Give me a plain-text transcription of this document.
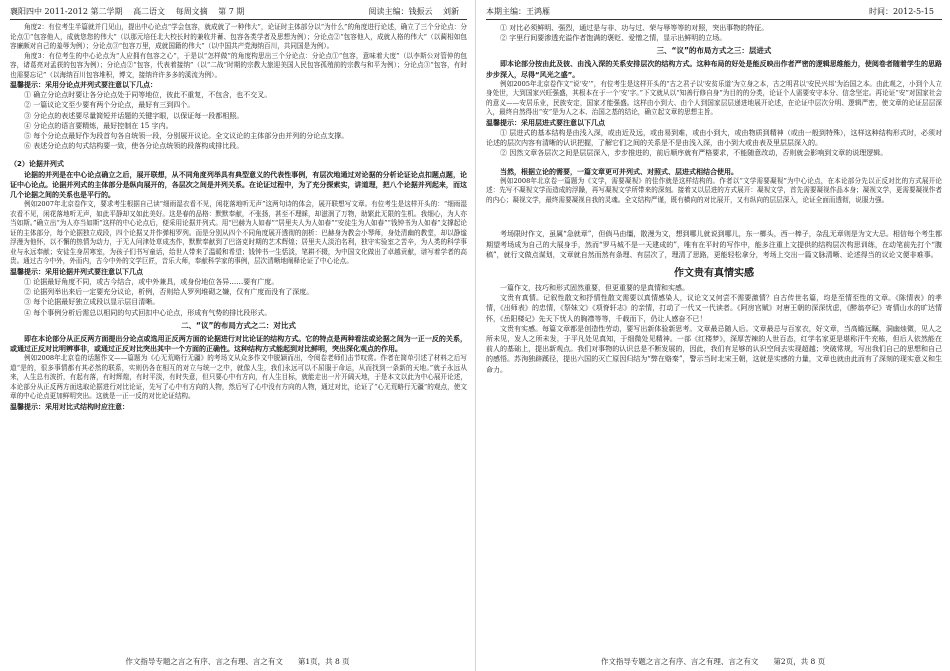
襄阳四中 2011-2012 第二学期 高二语文 每周文摘 第 7 期	阅读主编：钱振云 刘新

角度2：有位考生半篇就并门见山，提出中心论点“学会包容，就成就了一种伟大”，论证时主体部分以“为什么”的角度进行论述，确立了三个分论点：分论点①“包容他人，成就您您的伟大”（以那元培任北大校长时的兼收并蓄、包容各类学者及思想为例）；分论点②“包容他人，成就人格的伟大”（以蔺相如包容廉颇对自己的羞辱为例）；分论点③“包容万里，成就国籍的伟大”（以中国共产党海纳百川，共同国是为例）。

角度3：有位考生的中心论点为“人应拥有包容之心”，于是以“怎样做”的角度构思出三个分论点：分论点①“包容，意味着大度”（以李斯公对管仲的包容，诸葛亮对孟获的包容为例）；分论点②“包容，代表着接纳”（以“二战”时期的宗教大旅迎美国人民包容孤殖前的宗教与和平为例）；分论点③“包容，有时也需要忘记”（以海纳百川包容堆积，博文，接纳许许多多的溪流为例）。

温馨提示：采用分论点并列式要注意以下几点：

① 确立分论点时要让各分论点处于同等地位，彼此不重复，不包含，也不交叉。

② 一篇议论文至少要有两个分论点，最好有三到四个。

③ 分论点的表述要尽量简短并话题的关键字眼，以保证每一段都相照。

④ 分论点的语言要精炼，最好控制在 15 字内。

⑤ 每个分论点最好作为段首句各自统领一段，分别展开议论。全文议论的主体部分由并列的分论点支撑。

⑥ 表述分论点的句式结构要一致，使各分论点统领的段落构成排比段。

（2）论据并列式

论据的并列是在中心论点确立之后，展开联想，从不同角度列举具有典型意义的代表性事例，有层次地通过对论据的分析论证论点扣题点题，论证中心论点。论据并列式的主体部分是纵向展开的，各层次之间是并列关系。在论证过程中，为了充分探索实，讲道理，把八个论据并列起来，而这几个论据之间的关系也是平行的。

例如2007年北京卷作文，要求考生根据自己读“细雨湿衣看不见，闲花落地听无声”这两句诗的体会，展开联想写文章。有位考生是这样开头的：“细雨湿衣看不见，闲花落地听无声，如此平静却又如此美好。这是春的品格：默默奉献，不张扬，甚至不理睬，却滋润了万物，助繁此无限的生机。我细心，为人亦当如斯。”确立出“为人亦当如斯”这样的中心论点后，便采用论据并列式。用“巴赫为人如春”“居里夫人为人如春”“安徒生为人如春”“钱钟书为人如春”支撑起论证的主体部分，每个论据独立成段，四个论据又并作弹相罗列。而是分别从四个不同角度展开透彻的剖析：巴赫身为教会小琴师，身处清幽的教堂，却以静谧浮漫为他怀，以不懈的热情为动力，于无人问津处草成杰作，默默奉献到了巴洛克时期的艺术辉煌；居里夫人淡泊名利，独守实验室之苦辛，为人类的科学事业与永远奉献；安徒生身居寒室，为孩子们书写童话，给世人带来了温暖和希望；钱钟书一生恬淡，笔耕不辍，为中国文化做出了卓越贡献，谱写着学者的高贵。通过古今中外，外而内，古今中外的文学巨匠，音乐大师，奉献科学家的事例，层次清晰地阐释论证了中心论点。

温馨提示：采用论据并列式要注意以下几点

① 论据最好角度不同，或古今结合，或中外兼具，或身份地位各异……要有广度。

② 论据列举出来后一定要充分议论，析例，否则给人罗列堆砌之嫌，仅有广度而没有了深度。

③ 每个论据最好独立成段以显示层目清晰。

④ 每个事例分析后需总以相同的句式回扣中心论点，形成有气势的排比段形式。

二、“议”的布局方式之二：对比式

即在本论部分从正反两方面提出分论点或选用正反两方面的论据进行对比论证的结构方式。它的特点是两种看法或论据之间为一正一反的关系，或通过正反对比明辨事非，或通过正反对比突出其中一个方面的正确性。这种结构方式能起到对比鲜明，突出深化观点的作用。

例如2008年北京卷的话题作文——篇题为《心无荒略行无疆》的考场文从众多作文中脱颖而出，令阅卷老师们击节叹赏。作者在简单引述了材料之后写道“是的，很多事情都有其必然的联系，实则仍各在相互的对立与统一之中，就像人生，我们永远可以不屈服于命运，从而找到一条新的天地。”就子永远从来，人生总有波折，有起有落，有时辉煌，有时平淡，有时失意，但只要心中有方向，有人生目标，就能走出一片开阔天地，于是本文以此为中心展开论述，本论部分从正反两方面选取论据进行对比论证，先写了心中有方向的人物，然后写了心中没有方向的人物，通过对比，论证了“心无荒略行无疆”的观点，使文章的中心论点更加鲜明突出。这就是一正一反的对比论证结构。

温馨提示：采用对比式结构时应注意：

作文指导专题之言之有序、言之有理、言之有文　　第1页，共 8 页
本期主编：王鸿雁	时间：2012-5-15

① 对比必须鲜明、强烈，通过是与非、功与过、荣与辱等等的对照，突出事物的特征。

② 字里行间要渗透充溢作者饱满的褒贬、爱憎之情，显示出鲜明的立场。

三、“议”的布局方式之三：层进式

即本论部分按由此及彼、由浅入深的关系安排层次的结构方式。这种布局的好处是能反映出作者严密的逻辑思维能力，使阅卷者随着学生的思路步步深入，尽得“风光之盛”。

例如2005年北京卷作文“说‘安’”，有位考生是这样开头的“古之君子以‘安贫乐道’为立身之本，古之明君以‘安民兴邦’为治国之本。由此观之，小到个人立身处世，大到国家兴旺强盛，其根本在于一个‘安’字。”下文就从以“知善行修自身”为目的的分类，论证个人需要安守本分、信念坚定。再论证“安”对国家社会的意义——安居乐业，民族安定，国家才能强盛。这样由小到大、由个人到国家层层递进地展开论述，在论证中层次分明、逻辑严密，使文章的论证层层深入，最终自然得出“安”是为人之本、治国之基的结论，确立起文章的思想主旨。

温馨提示：采用层进式要注意以下几点

① 层进式的基本结构是由浅入深，或由近及远，或由易到难，或由小到大，或由物质到精神（或由一般到特殊），这样这种结构形式时，必须对论述的层次内容有清晰的认识把握，了解它们之间的关系是不是由浅入深，由小到大或由表及里层层深入的。

② 因然文章各层次之间是层层深入，步步推进的，前后顺序就有严格要求，不能随意改动，否则就会影响到文章的说理逻辑。

当然，根据立论的需要，一篇文章更可并列式、对照式、层进式相结合使用。

例如2008年北京卷一篇题为《文学，需要凝视》的佳作就是这样结构的。作者以“文学需要凝视”为中心论点，在本论部分先以正反对比的方式展开论述：先写不凝视文学而造成的浮躁，再写凝视文学所带来的深刻。接着又以层进的方式展开：凝视文学，首先需要凝视作品本身；凝视文学，更需要凝视作者的内心；凝视文学，最终需要凝视自我的灵魂。全文结构严谨，既有横向的对比展开，又有纵向的层层深入，论证全面而透彻，说服力强。

考场限时作文，虽属“急就章”，但倘马由缰，散漫为文，想到哪儿就说到哪儿，东一榔头，西一棒子，杂乱无章则是为文大忌。相信每个考生都期望考场成为自己的大展身手，然而“罗马城不是一天建成的”，唯有在平时的写作中，能多注重上文提供的结构层次构思训练，在动笔前先打个“腹稿”，就行文做点谋划，文章就自然而然有条理、有层次了，理清了思路，更能轻松拿分，考场上交出一篇文脉清晰、论述得当的议论文便非难事。

作文贵有真情实感

一篇作文，技巧和形式固然重要，但更重要的是真情和实感。

文贵有真情。记叙性散文和抒情性散文需要以真情感染人，议论文又何尝不需要激情？自古传世名篇，均是至情至性的文章。《陈情表》的孝情，《出师表》的忠情，《祭妹文》《项脊轩志》的亲情，打动了一代又一代读者。《阿房宫赋》对唐王朝的深深忧虑，《醉翁亭记》寄情山水的旷达情怀，《岳阳楼记》先天下忧人的胸襟等等，千载而下，仍让人感奋不已！

文贵有实感。每篇文章都是创造性劳动，要写出新体验新思考。文章最忌随人后。文章最忌与百家衣，好文章，当高瞻远瞩，洞幽烛微，见人之所未见，发人之所未发，于平凡处见真知，于细微处见精神。一部《红楼梦》，深厚苦辣的人世百态，红学名家更是堪称汗牛充栋，但后人依然能在前人的基础上，提出新观点。我们对事物的认识总是不断发展的，因此，我们有足够的认识空间去实现超越；突破常规，写出我们自己的思想和自己的感悟。苏洵独辟蹊径，提出六国的灭亡原因归结为“弊在赂秦”，警示当时北宋王朝，这就是实感的力量，文章也就由此而有了深刻的现实意义和生命力。

作文指导专题之言之有序、言之有理、言之有文　　第2页，共 8 页
